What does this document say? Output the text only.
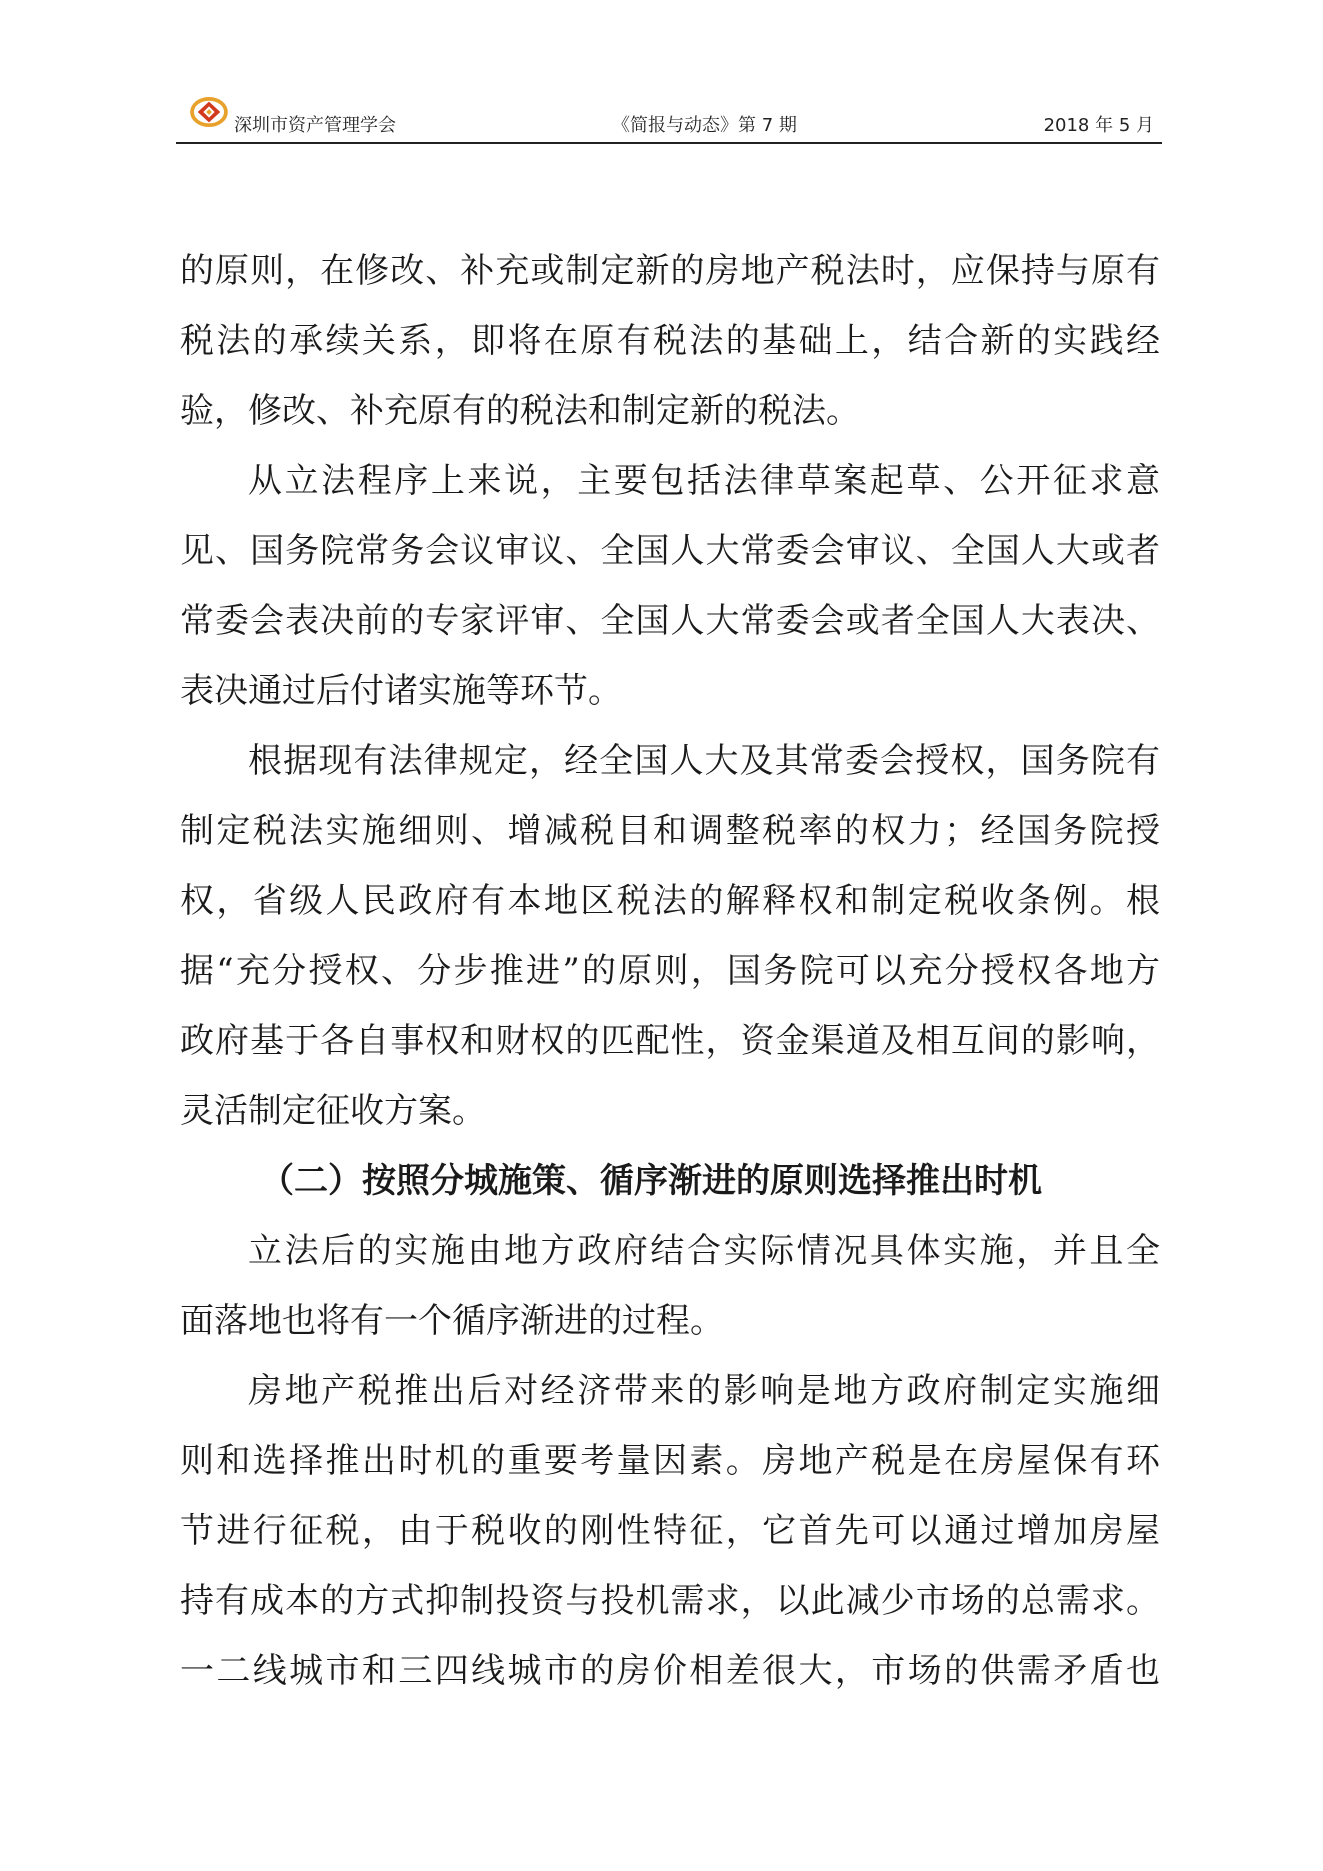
深圳市资产管理学会	《简报与动态》第 7 期	2018 年 5 月
的原则，在修改、补充或制定新的房地产税法时，应保持与原有
税法的承续关系，即将在原有税法的基础上，结合新的实践经
验，修改、补充原有的税法和制定新的税法。
从立法程序上来说，主要包括法律草案起草、公开征求意
见、国务院常务会议审议、全国人大常委会审议、全国人大或者
常委会表决前的专家评审、全国人大常委会或者全国人大表决、
表决通过后付诸实施等环节。
根据现有法律规定，经全国人大及其常委会授权，国务院有
制定税法实施细则、增减税目和调整税率的权力；经国务院授
权，省级人民政府有本地区税法的解释权和制定税收条例。根
据“充分授权、分步推进”的原则，国务院可以充分授权各地方
政府基于各自事权和财权的匹配性，资金渠道及相互间的影响，
灵活制定征收方案。
（二）按照分城施策、循序渐进的原则选择推出时机
立法后的实施由地方政府结合实际情况具体实施，并且全
面落地也将有一个循序渐进的过程。
房地产税推出后对经济带来的影响是地方政府制定实施细
则和选择推出时机的重要考量因素。房地产税是在房屋保有环
节进行征税，由于税收的刚性特征，它首先可以通过增加房屋
持有成本的方式抑制投资与投机需求，以此减少市场的总需求。
一二线城市和三四线城市的房价相差很大，市场的供需矛盾也
